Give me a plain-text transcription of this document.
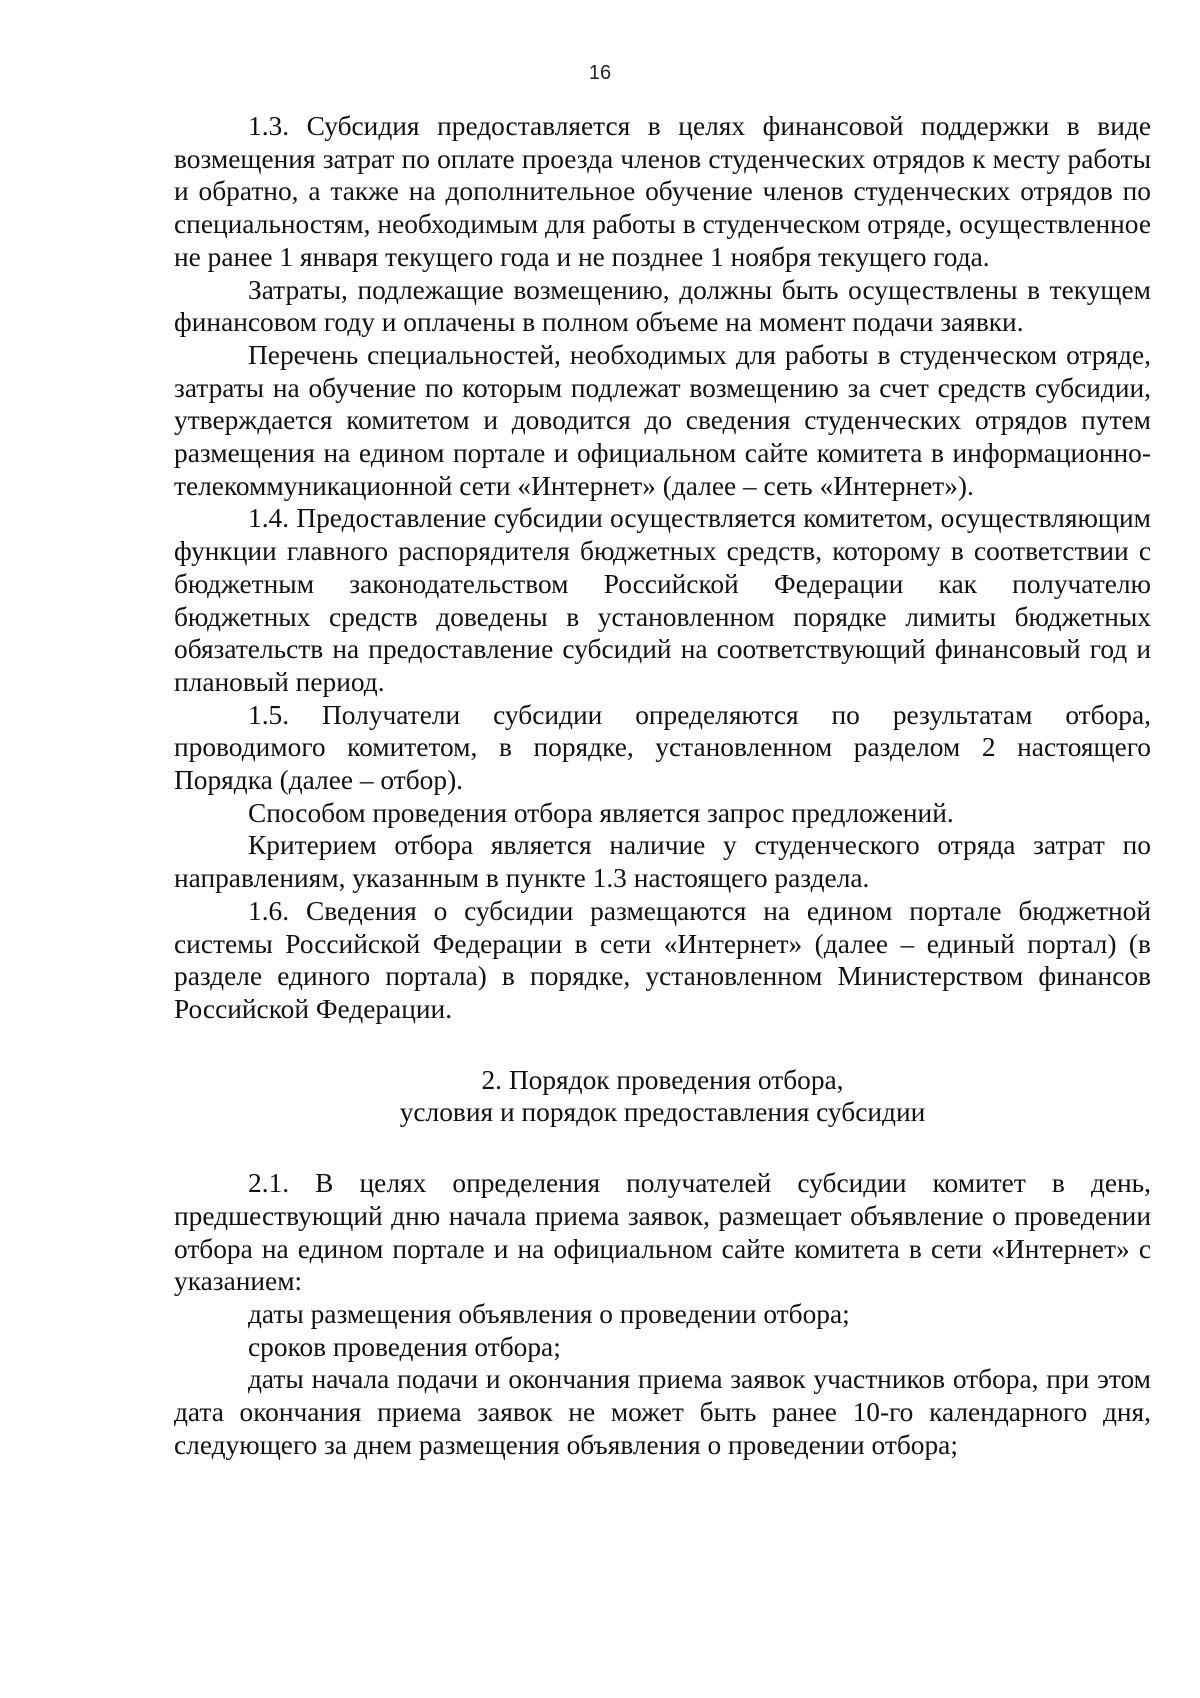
16

1.3. Субсидия предоставляется в целях финансовой поддержки в виде возмещения затрат по оплате проезда членов студенческих отрядов к месту работы и обратно, а также на дополнительное обучение членов студенческих отрядов по специальностям, необходимым для работы в студенческом отряде, осуществленное не ранее 1 января текущего года и не позднее 1 ноября текущего года.

Затраты, подлежащие возмещению, должны быть осуществлены в текущем финансовом году и оплачены в полном объеме на момент подачи заявки.

Перечень специальностей, необходимых для работы в студенческом отряде, затраты на обучение по которым подлежат возмещению за счет средств субсидии, утверждается комитетом и доводится до сведения студенческих отрядов путем размещения на едином портале и официальном сайте комитета в информационно-телекоммуникационной сети «Интернет» (далее – сеть «Интернет»).

1.4. Предоставление субсидии осуществляется комитетом, осуществляющим функции главного распорядителя бюджетных средств, которому в соответствии с бюджетным законодательством Российской Федерации как получателю бюджетных средств доведены в установленном порядке лимиты бюджетных обязательств на предоставление субсидий на соответствующий финансовый год и плановый период.

1.5. Получатели субсидии определяются по результатам отбора, проводимого комитетом, в порядке, установленном разделом 2 настоящего Порядка (далее – отбор).

Способом проведения отбора является запрос предложений.

Критерием отбора является наличие у студенческого отряда затрат по направлениям, указанным в пункте 1.3 настоящего раздела.

1.6. Сведения о субсидии размещаются на едином портале бюджетной системы Российской Федерации в сети «Интернет» (далее – единый портал) (в разделе единого портала) в порядке, установленном Министерством финансов Российской Федерации.

2. Порядок проведения отбора,

условия и порядок предоставления субсидии

2.1. В целях определения получателей субсидии комитет в день, предшествующий дню начала приема заявок, размещает объявление о проведении отбора на едином портале и на официальном сайте комитета в сети «Интернет» с указанием:

даты размещения объявления о проведении отбора;

сроков проведения отбора;

даты начала подачи и окончания приема заявок участников отбора, при этом дата окончания приема заявок не может быть ранее 10-го календарного дня, следующего за днем размещения объявления о проведении отбора;
